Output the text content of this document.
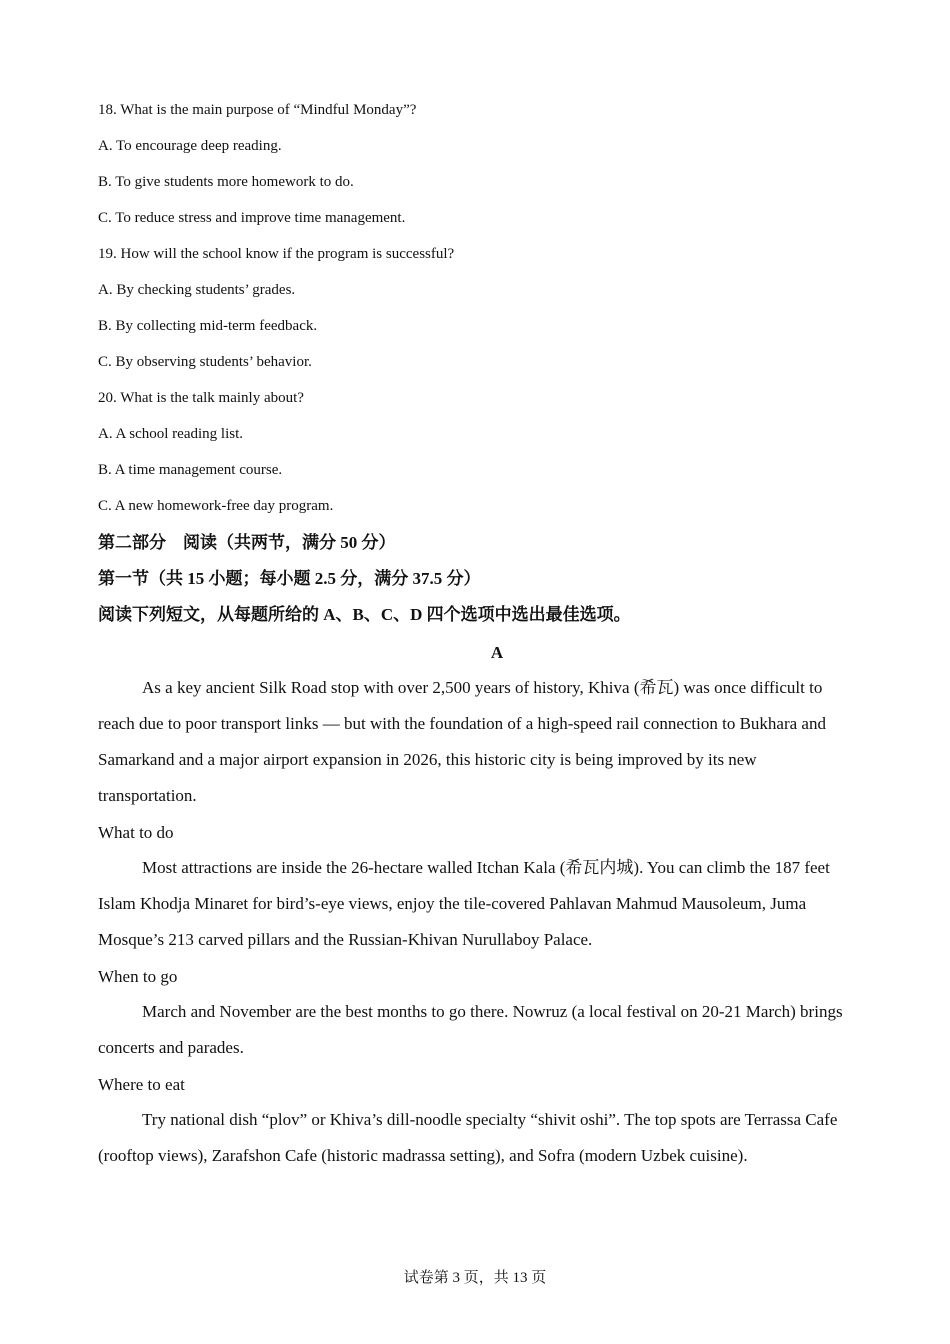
18. What is the main purpose of “Mindful Monday”?
A. To encourage deep reading.
B. To give students more homework to do.
C. To reduce stress and improve time management.
19. How will the school know if the program is successful?
A. By checking students’ grades.
B. By collecting mid-term feedback.
C. By observing students’ behavior.
20. What is the talk mainly about?
A. A school reading list.
B. A time management course.
C. A new homework-free day program.
第二部分　阅读（共两节，满分 50 分）
第一节（共 15 小题；每小题 2.5 分，满分 37.5 分）
阅读下列短文，从每题所给的 A、B、C、D 四个选项中选出最佳选项。
A

As a key ancient Silk Road stop with over 2,500 years of history, Khiva (希瓦) was once difficult to reach due to poor transport links — but with the foundation of a high-speed rail connection to Bukhara and Samarkand and a major airport expansion in 2026, this historic city is being improved by its new transportation.

What to do

Most attractions are inside the 26-hectare walled Itchan Kala (希瓦内城). You can climb the 187 feet Islam Khodja Minaret for bird’s-eye views, enjoy the tile-covered Pahlavan Mahmud Mausoleum, Juma Mosque’s 213 carved pillars and the Russian-Khivan Nurullaboy Palace.

When to go

March and November are the best months to go there. Nowruz (a local festival on 20-21 March) brings concerts and parades.

Where to eat

Try national dish “plov” or Khiva’s dill-noodle specialty “shivit oshi”. The top spots are Terrassa Cafe (rooftop views), Zarafshon Cafe (historic madrassa setting), and Sofra (modern Uzbek cuisine).

试卷第 3 页，共 13 页
